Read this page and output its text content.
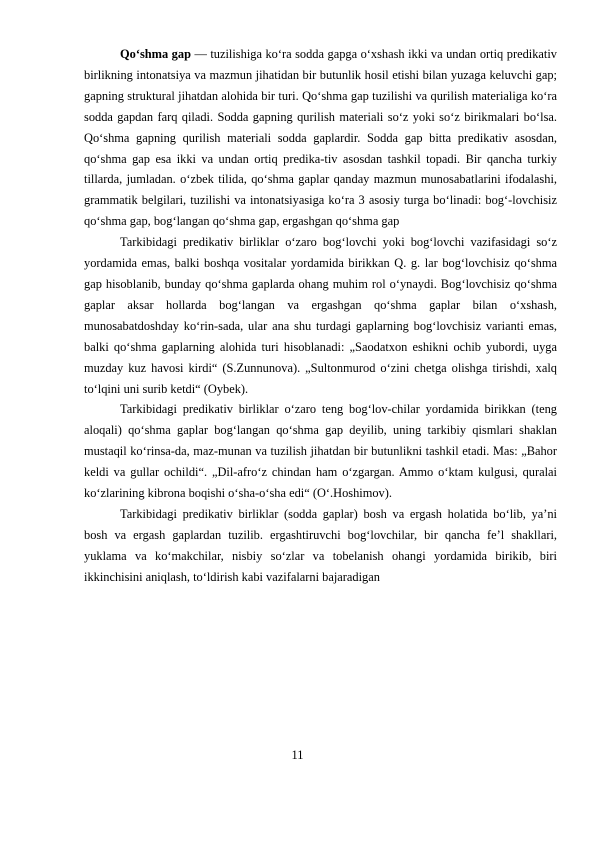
Qo‘shma gap — tuzilishiga ko‘ra sodda gapga o‘xshash ikki va undan ortiq predikativ birlikning intonatsiya va mazmun jihatidan bir butunlik hosil etishi bilan yuzaga keluvchi gap; gapning struktural jihatdan alohida bir turi. Qo‘shma gap tuzilishi va qurilish materialiga ko‘ra sodda gapdan farq qiladi. Sodda gapning qurilish materiali so‘z yoki so‘z birikmalari bo‘lsa. Qo‘shma gapning qurilish materiali sodda gaplardir. Sodda gap bitta predikativ asosdan, qo‘shma gap esa ikki va undan ortiq predika-tiv asosdan tashkil topadi. Bir qancha turkiy tillarda, jumladan. o‘zbek tilida, qo‘shma gaplar qanday mazmun munosabatlarini ifodalashi, grammatik belgilari, tuzilishi va intonatsiyasiga ko‘ra 3 asosiy turga bo‘linadi: bog‘-lovchisiz qo‘shma gap, bog‘langan qo‘shma gap, ergashgan qo‘shma gap

Tarkibidagi predikativ birliklar o‘zaro bog‘lovchi yoki bog‘lovchi vazifasidagi so‘z yordamida emas, balki boshqa vositalar yordamida birikkan Q. g. lar bog‘lovchisiz qo‘shma gap hisoblanib, bunday qo‘shma gaplarda ohang muhim rol o‘ynaydi. Bog‘lovchisiz qo‘shma gaplar aksar hollarda bog‘langan va ergashgan qo‘shma gaplar bilan o‘xshash, munosabatdoshday ko‘rin-sada, ular ana shu turdagi gaplarning bog‘lovchisiz varianti emas, balki qo‘shma gaplarning alohida turi hisoblanadi: „Saodatxon eshikni ochib yubordi, uyga muzday kuz havosi kirdi“ (S.Zunnunova). „Sultonmurod o‘zini chetga olishga tirishdi, xalq to‘lqini uni surib ketdi“ (Oybek).

Tarkibidagi predikativ birliklar o‘zaro teng bog‘lov-chilar yordamida birikkan (teng aloqali) qo‘shma gaplar bog‘langan qo‘shma gap deyilib, uning tarkibiy qismlari shaklan mustaqil ko‘rinsa-da, maz-munan va tuzilish jihatdan bir butunlikni tashkil etadi. Mas: „Bahor keldi va gullar ochildi“. „Dil-afro‘z chindan ham o‘zgargan. Ammo o‘ktam kulgusi, quralai ko‘zlarining kibrona boqishi o‘sha-o‘sha edi“ (O‘.Hoshimov).

Tarkibidagi predikativ birliklar (sodda gaplar) bosh va ergash holatida bo‘lib, ya’ni bosh va ergash gaplardan tuzilib. ergashtiruvchi bog‘lovchilar, bir qancha fe’l shakllari, yuklama va ko‘makchilar, nisbiy so‘zlar va tobelanish ohangi yordamida birikib, biri ikkinchisini aniqlash, to‘ldirish kabi vazifalarni bajaradigan

11
